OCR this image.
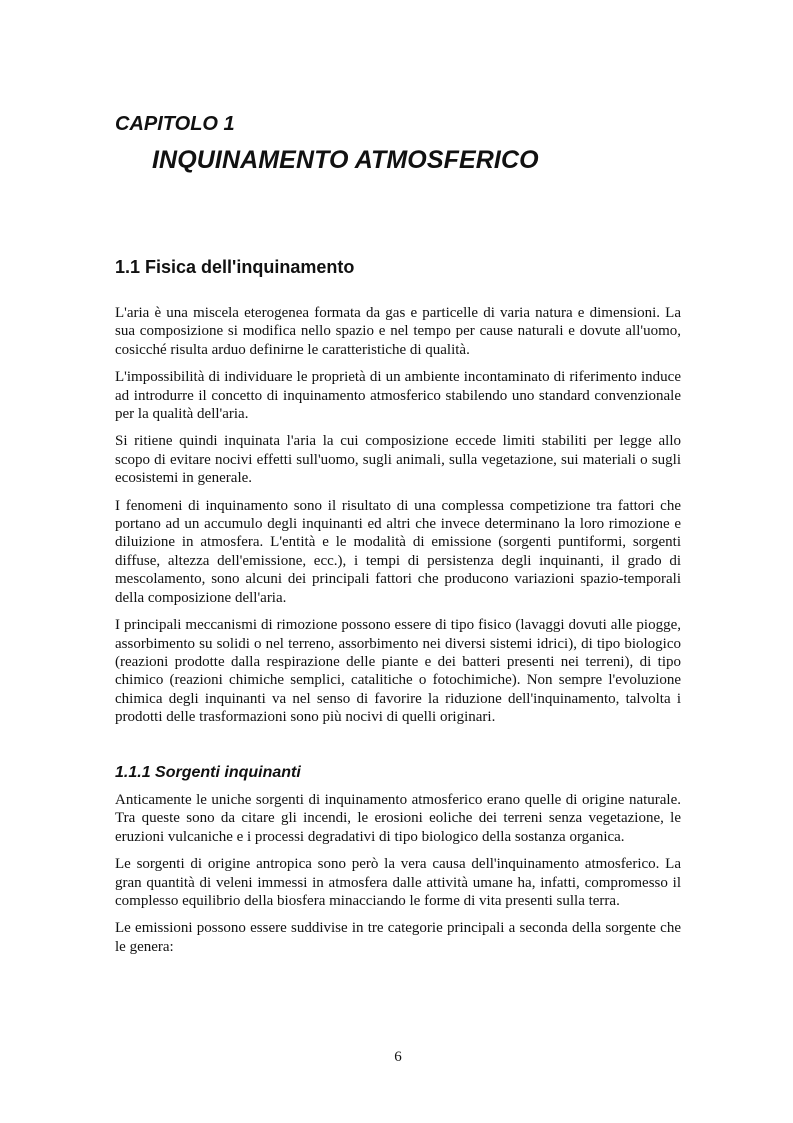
CAPITOLO 1
INQUINAMENTO ATMOSFERICO
1.1 Fisica dell'inquinamento

L'aria è una miscela eterogenea formata da gas e particelle di varia natura e dimensioni. La sua composizione si modifica nello spazio e nel tempo per cause naturali e dovute all'uomo, cosicché risulta arduo definirne le caratteristiche di qualità.

L'impossibilità di individuare le proprietà di un ambiente incontaminato di riferimento induce ad introdurre il concetto di inquinamento atmosferico stabilendo uno standard convenzionale per la qualità dell'aria.

Si ritiene quindi inquinata l'aria la cui composizione eccede limiti stabiliti per legge allo scopo di evitare nocivi effetti sull'uomo, sugli animali, sulla vegetazione, sui materiali o sugli ecosistemi in generale.

I fenomeni di inquinamento sono il risultato di una complessa competizione tra fattori che portano ad un accumulo degli inquinanti ed altri che invece determinano la loro rimozione e diluizione in atmosfera. L'entità e le modalità di emissione (sorgenti puntiformi, sorgenti diffuse, altezza dell'emissione, ecc.), i tempi di persistenza degli inquinanti, il grado di mescolamento, sono alcuni dei principali fattori che producono variazioni spazio-temporali della composizione dell'aria.

I principali meccanismi di rimozione possono essere di tipo fisico (lavaggi dovuti alle piogge, assorbimento su solidi o nel terreno, assorbimento nei diversi sistemi idrici), di tipo biologico (reazioni prodotte dalla respirazione delle piante e dei batteri presenti nei terreni), di tipo chimico (reazioni chimiche semplici, catalitiche o fotochimiche). Non sempre l'evoluzione chimica degli inquinanti va nel senso di favorire la riduzione dell'inquinamento, talvolta i prodotti delle trasformazioni sono più nocivi di quelli originari.

1.1.1 Sorgenti inquinanti

Anticamente le uniche sorgenti di inquinamento atmosferico erano quelle di origine naturale. Tra queste sono da citare gli incendi, le erosioni eoliche dei terreni senza vegetazione, le eruzioni vulcaniche e i processi degradativi di tipo biologico della sostanza organica.

Le sorgenti di origine antropica sono però la vera causa dell'inquinamento atmosferico. La gran quantità di veleni immessi in atmosfera dalle attività umane ha, infatti, compromesso il complesso equilibrio della biosfera minacciando le forme di vita presenti sulla terra.

Le emissioni possono essere suddivise in tre categorie principali a seconda della sorgente che le genera:

6
